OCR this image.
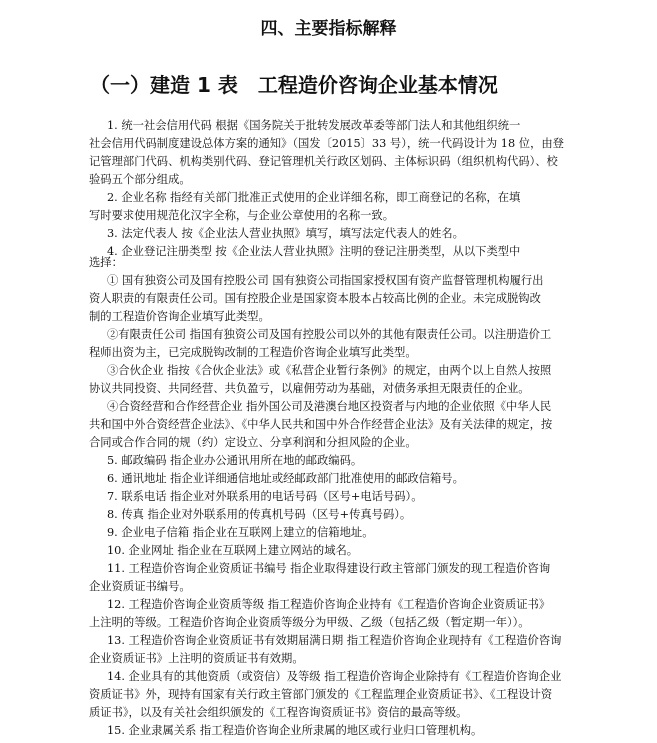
四、主要指标解释
（一）建造 1 表　工程造价咨询企业基本情况
1. 统一社会信用代码 根据《国务院关于批转发展改革委等部门法人和其他组织统一
社会信用代码制度建设总体方案的通知》（国发〔2015〕33 号），统一代码设计为 18 位，由登
记管理部门代码、机构类别代码、登记管理机关行政区划码、主体标识码（组织机构代码）、校
验码五个部分组成。
2. 企业名称 指经有关部门批准正式使用的企业详细名称，即工商登记的名称，在填
写时要求使用规范化汉字全称，与企业公章使用的名称一致。
3. 法定代表人 按《企业法人营业执照》填写，填写法定代表人的姓名。
4. 企业登记注册类型 按《企业法人营业执照》注明的登记注册类型，从以下类型中
选择：
① 国有独资公司及国有控股公司 国有独资公司指国家授权国有资产监督管理机构履行出
资人职责的有限责任公司。国有控股企业是国家资本股本占较高比例的企业。未完成脱钩改
制的工程造价咨询企业填写此类型。
②有限责任公司 指国有独资公司及国有控股公司以外的其他有限责任公司。以注册造价工
程师出资为主，已完成脱钩改制的工程造价咨询企业填写此类型。
③合伙企业 指按《合伙企业法》或《私营企业暂行条例》的规定，由两个以上自然人按照
协议共同投资、共同经营、共负盈亏，以雇佣劳动为基础，对债务承担无限责任的企业。
④合资经营和合作经营企业 指外国公司及港澳台地区投资者与内地的企业依照《中华人民
共和国中外合资经营企业法》、《中华人民共和国中外合作经营企业法》及有关法律的规定，按
合同或合作合同的规（约）定设立、分享利润和分担风险的企业。
5. 邮政编码 指企业办公通讯用所在地的邮政编码。
6. 通讯地址 指企业详细通信地址或经邮政部门批准使用的邮政信箱号。
7. 联系电话 指企业对外联系用的电话号码（区号+电话号码）。
8. 传真 指企业对外联系用的传真机号码（区号+传真号码）。
9. 企业电子信箱 指企业在互联网上建立的信箱地址。
10. 企业网址 指企业在互联网上建立网站的域名。
11. 工程造价咨询企业资质证书编号 指企业取得建设行政主管部门颁发的现工程造价咨询
企业资质证书编号。
12. 工程造价咨询企业资质等级 指工程造价咨询企业持有《工程造价咨询企业资质证书》
上注明的等级。工程造价咨询企业资质等级分为甲级、乙级（包括乙级（暂定期一年））。
13. 工程造价咨询企业资质证书有效期届满日期 指工程造价咨询企业现持有《工程造价咨询
企业资质证书》上注明的资质证书有效期。
14. 企业具有的其他资质（或资信）及等级 指工程造价咨询企业除持有《工程造价咨询企业
资质证书》外，现持有国家有关行政主管部门颁发的《工程监理企业资质证书》、《工程设计资
质证书》，以及有关社会组织颁发的《工程咨询资质证书》资信的最高等级。
15. 企业隶属关系 指工程造价咨询企业所隶属的地区或行业归口管理机构。
